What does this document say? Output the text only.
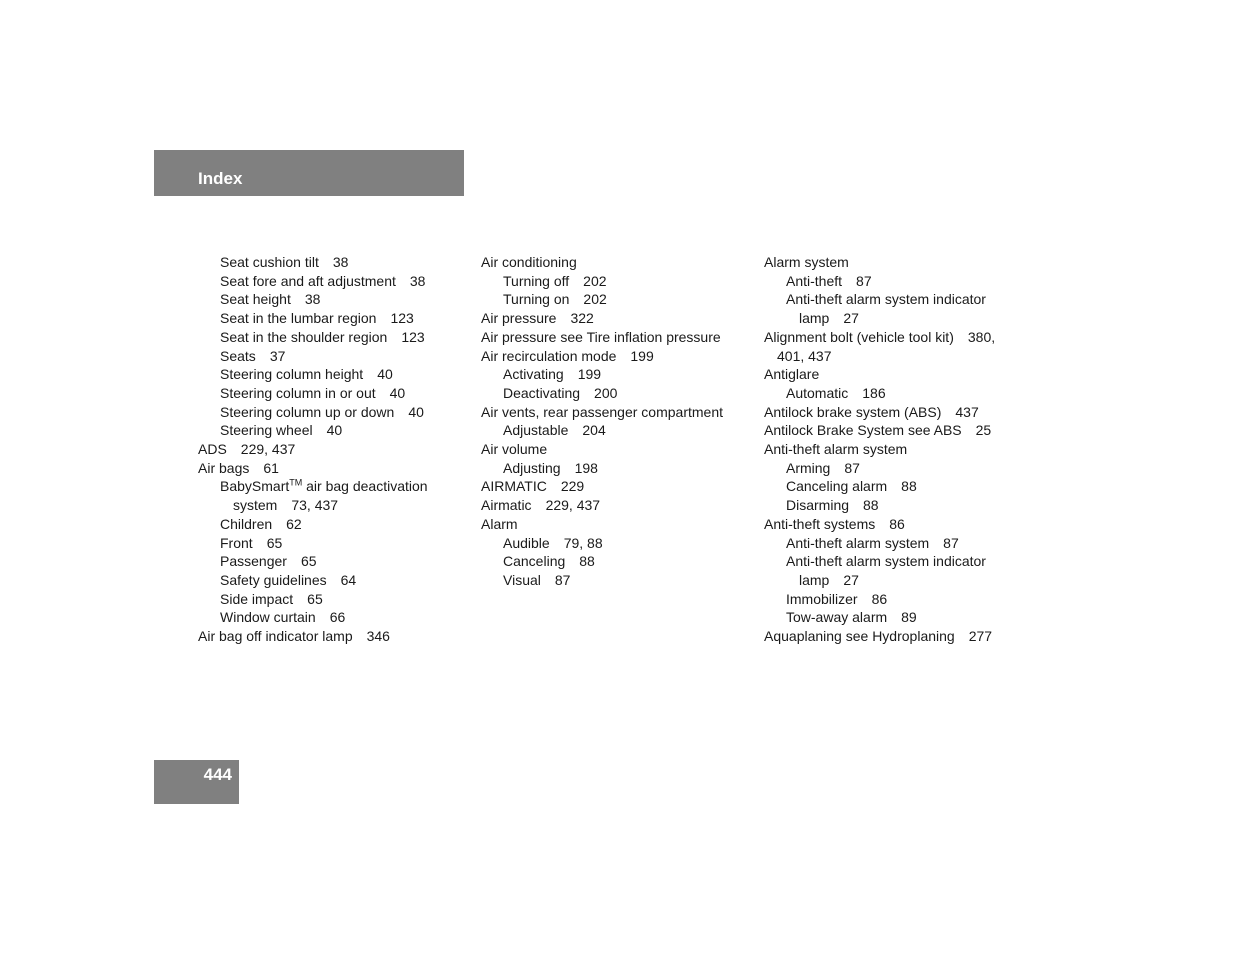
Index
Seat cushion tilt 38
Seat fore and aft adjustment 38
Seat height 38
Seat in the lumbar region 123
Seat in the shoulder region 123
Seats 37
Steering column height 40
Steering column in or out 40
Steering column up or down 40
Steering wheel 40
ADS 229, 437
Air bags 61
BabySmart™ air bag deactivation
system 73, 437
Children 62
Front 65
Passenger 65
Safety guidelines 64
Side impact 65
Window curtain 66
Air bag off indicator lamp 346
Air conditioning
Turning off 202
Turning on 202
Air pressure 322
Air pressure see Tire inflation pressure
Air recirculation mode 199
Activating 199
Deactivating 200
Air vents, rear passenger compartment
Adjustable 204
Air volume
Adjusting 198
AIRMATIC 229
Airmatic 229, 437
Alarm
Audible 79, 88
Canceling 88
Visual 87
Alarm system
Anti-theft 87
Anti-theft alarm system indicator
lamp 27
Alignment bolt (vehicle tool kit) 380,
401, 437
Antiglare
Automatic 186
Antilock brake system (ABS) 437
Antilock Brake System see ABS 25
Anti-theft alarm system
Arming 87
Canceling alarm 88
Disarming 88
Anti-theft systems 86
Anti-theft alarm system 87
Anti-theft alarm system indicator
lamp 27
Immobilizer 86
Tow-away alarm 89
Aquaplaning see Hydroplaning 277
444
